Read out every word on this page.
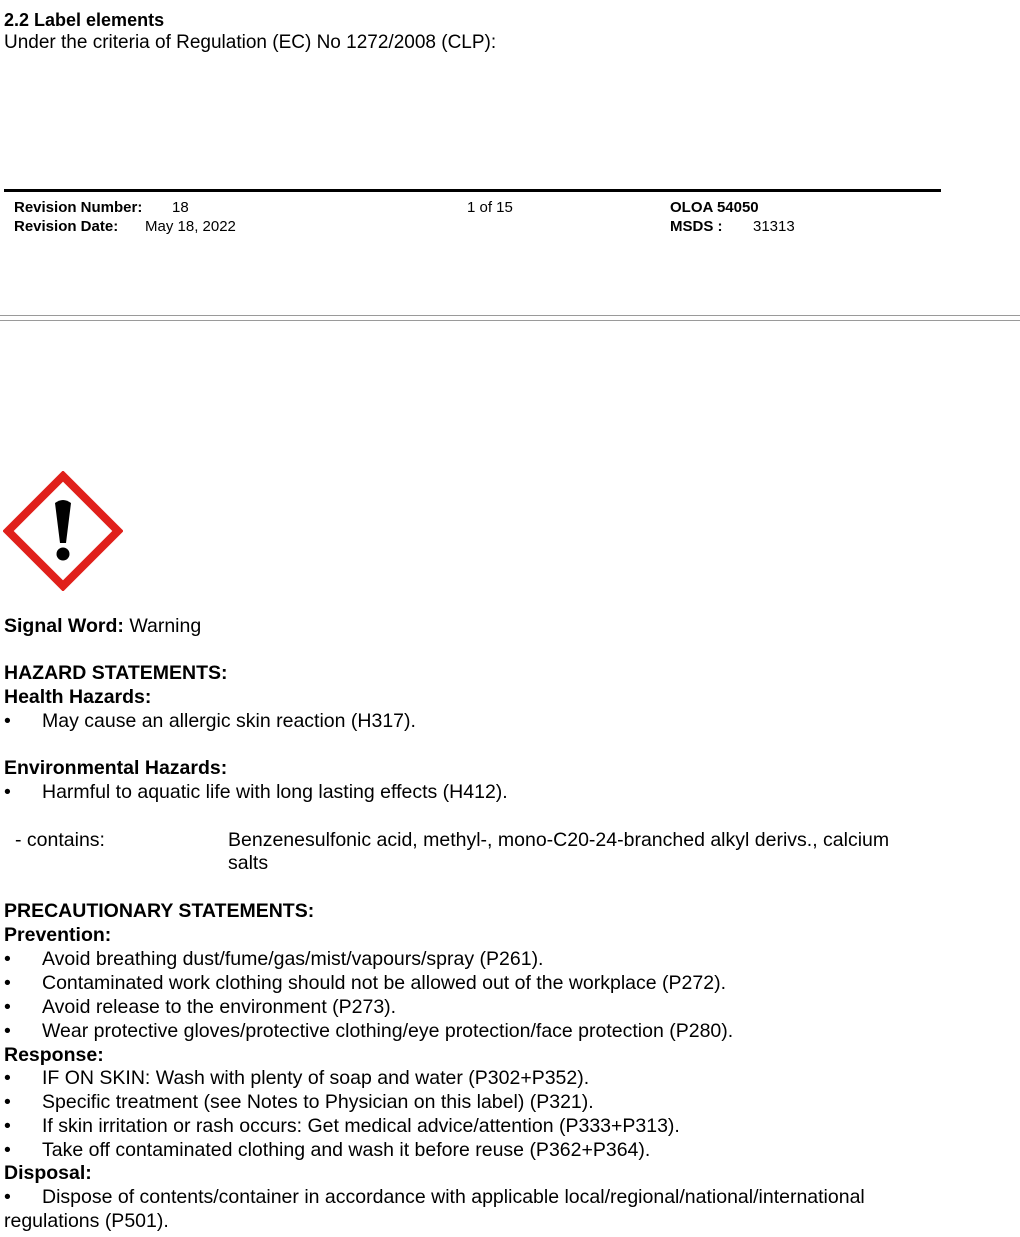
2.2 Label elements
Under the criteria of Regulation (EC) No 1272/2008 (CLP):
Revision Number: 18
Revision Date: May 18, 2022
1 of 15	OLOA 54050
MSDS : 31313
Signal Word: Warning
HAZARD STATEMENTS:
Health Hazards:
• May cause an allergic skin reaction (H317).
Environmental Hazards:
• Harmful to aquatic life with long lasting effects (H412).
- contains:	Benzenesulfonic acid, methyl-, mono-C20-24-branched alkyl derivs., calcium
salts
PRECAUTIONARY STATEMENTS:
Prevention:
• Avoid breathing dust/fume/gas/mist/vapours/spray (P261).
• Contaminated work clothing should not be allowed out of the workplace (P272).
• Avoid release to the environment (P273).
• Wear protective gloves/protective clothing/eye protection/face protection (P280).
Response:
• IF ON SKIN: Wash with plenty of soap and water (P302+P352).
• Specific treatment (see Notes to Physician on this label) (P321).
• If skin irritation or rash occurs: Get medical advice/attention (P333+P313).
• Take off contaminated clothing and wash it before reuse (P362+P364).
Disposal:
• Dispose of contents/container in accordance with applicable local/regional/national/international
regulations (P501).
